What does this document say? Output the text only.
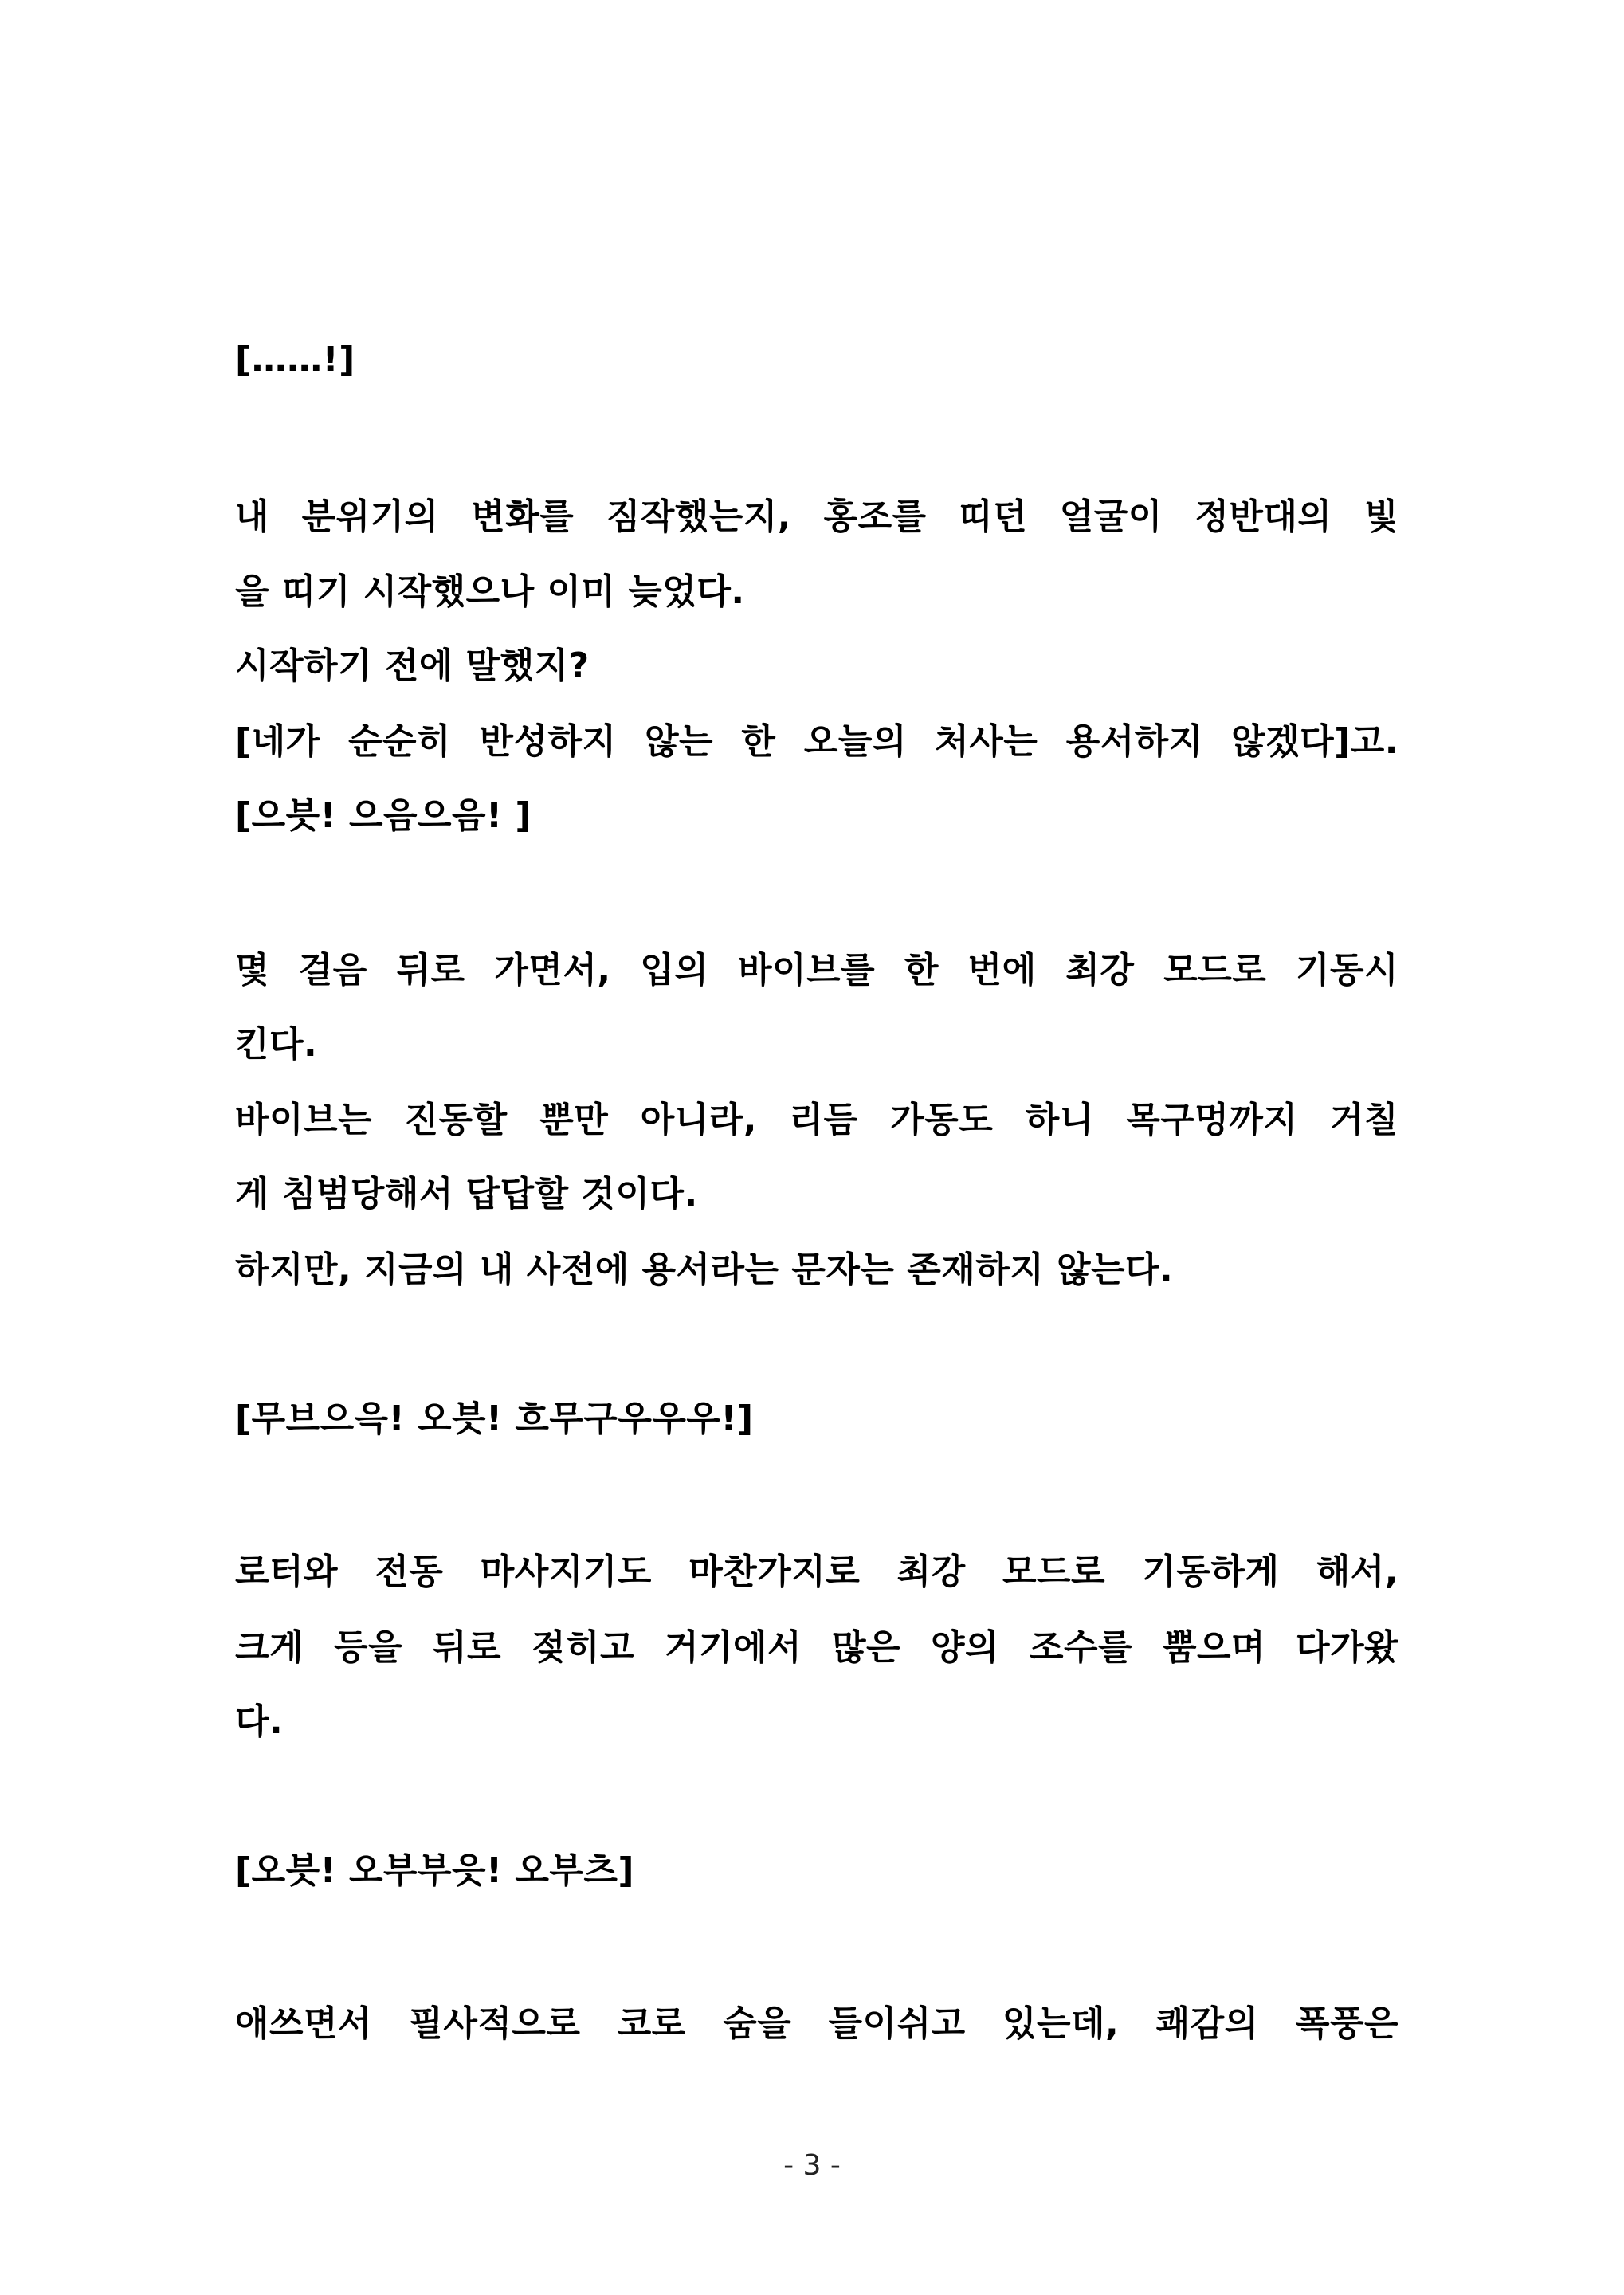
[……!]
내 분위기의 변화를 짐작했는지, 홍조를 띠던 얼굴이 정반대의 빛
을 띠기 시작했으나 이미 늦었다.
시작하기 전에 말했지?
[네가 순순히 반성하지 않는 한 오늘의 처사는 용서하지 않겠다]고.
[으븟! 으음으음! ]
몇 걸음 뒤로 가면서, 입의 바이브를 한 번에 최강 모드로 기동시
킨다.
바이브는 진동할 뿐만 아니라, 리듬 가동도 하니 목구멍까지 거칠
게 침범당해서 답답할 것이다.
하지만, 지금의 내 사전에 용서라는 문자는 존재하지 않는다.
[무브으윽! 오븟! 흐무구우우우!]
로터와 전동 마사지기도 마찬가지로 최강 모드로 기동하게 해서,
크게 등을 뒤로 젖히고 거기에서 많은 양의 조수를 뿜으며 다가왔
다.
[오븟! 오부부읏! 오부츠]
애쓰면서 필사적으로 코로 숨을 들이쉬고 있는데, 쾌감의 폭풍은
- 3 -
